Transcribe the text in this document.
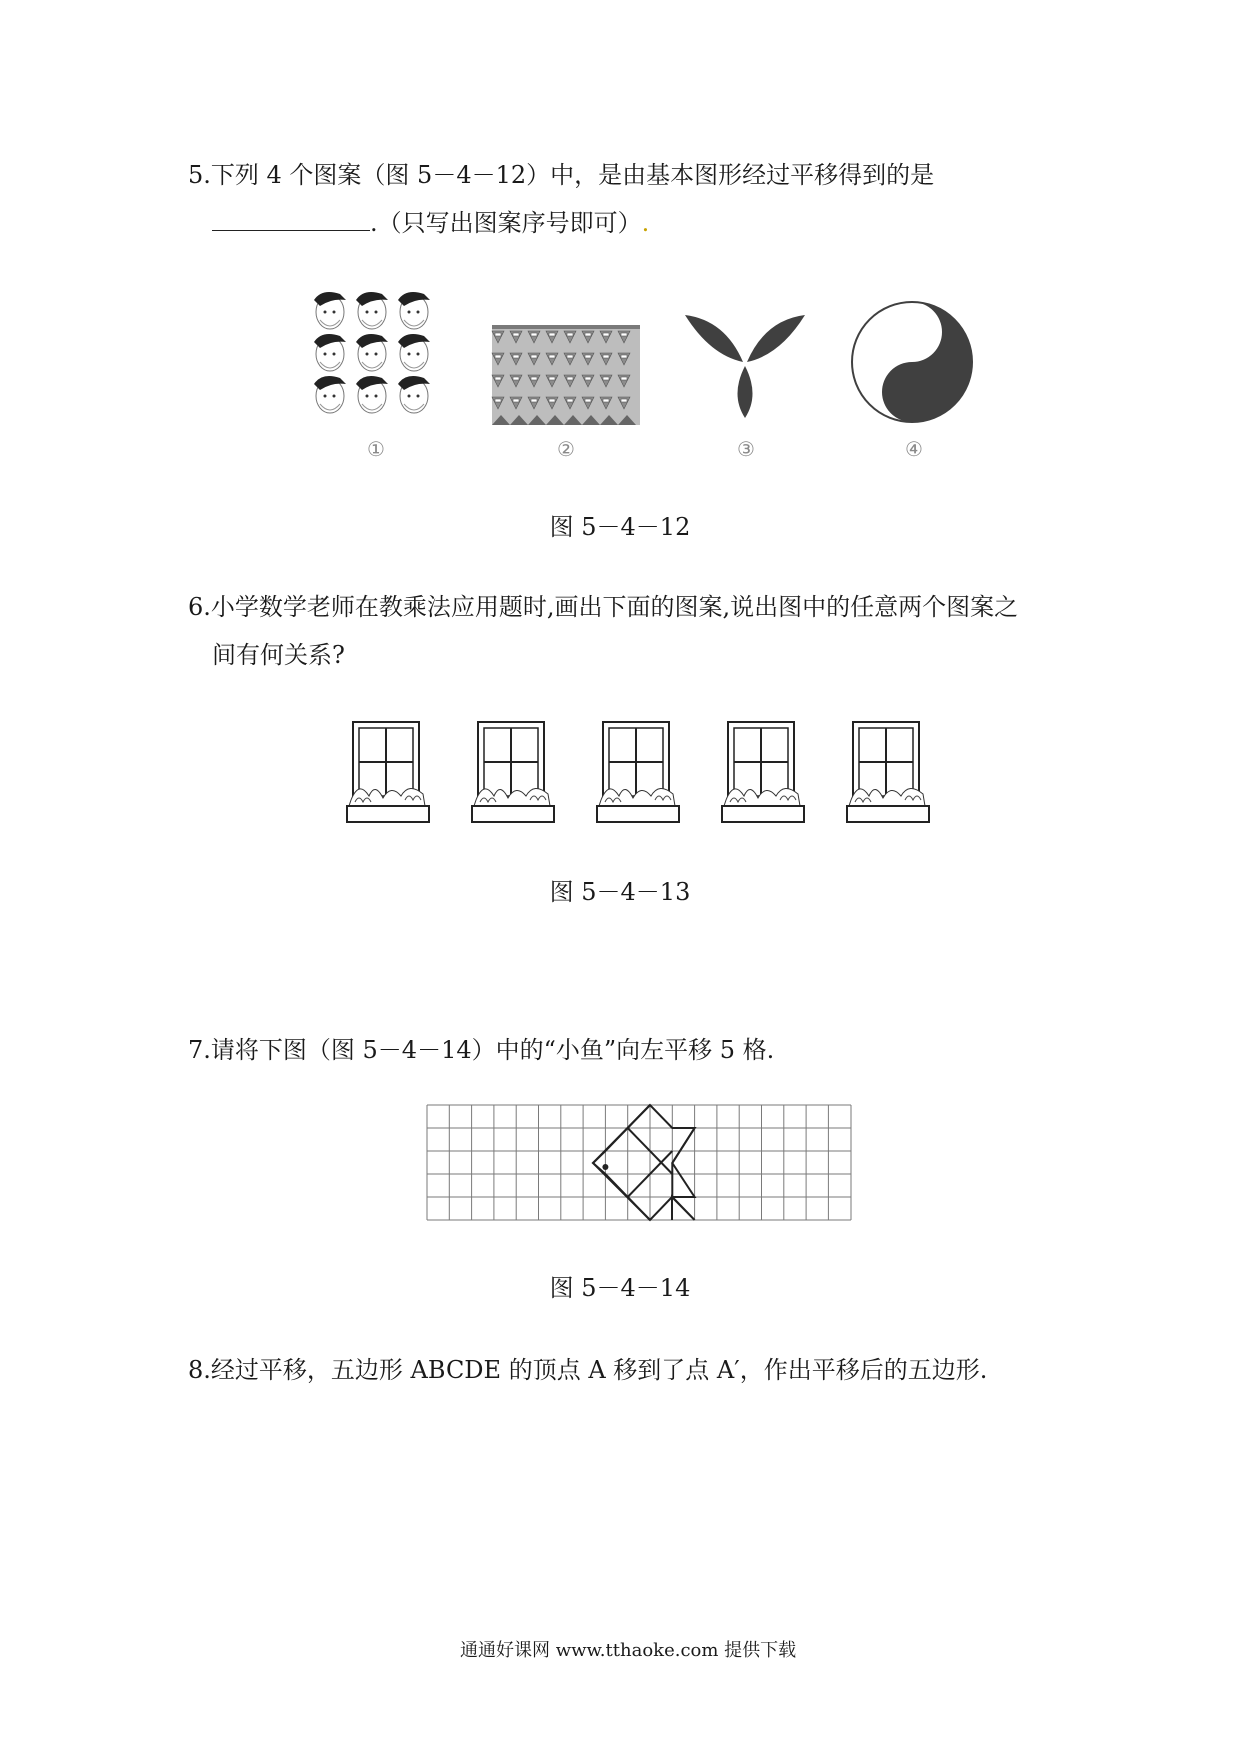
5.下列 4 个图案（图 5－4－12）中，是由基本图形经过平移得到的是
.（只写出图案序号即可）.
①	②	③	④
图 5－4－12
6.小学数学老师在教乘法应用题时,画出下面的图案,说出图中的任意两个图案之
间有何关系?
图 5－4－13
7.请将下图（图 5－4－14）中的“小鱼”向左平移 5 格.
图 5－4－14
8.经过平移，五边形 ABCDE 的顶点 A 移到了点 A′，作出平移后的五边形.
通通好课网 www.tthaoke.com 提供下载
